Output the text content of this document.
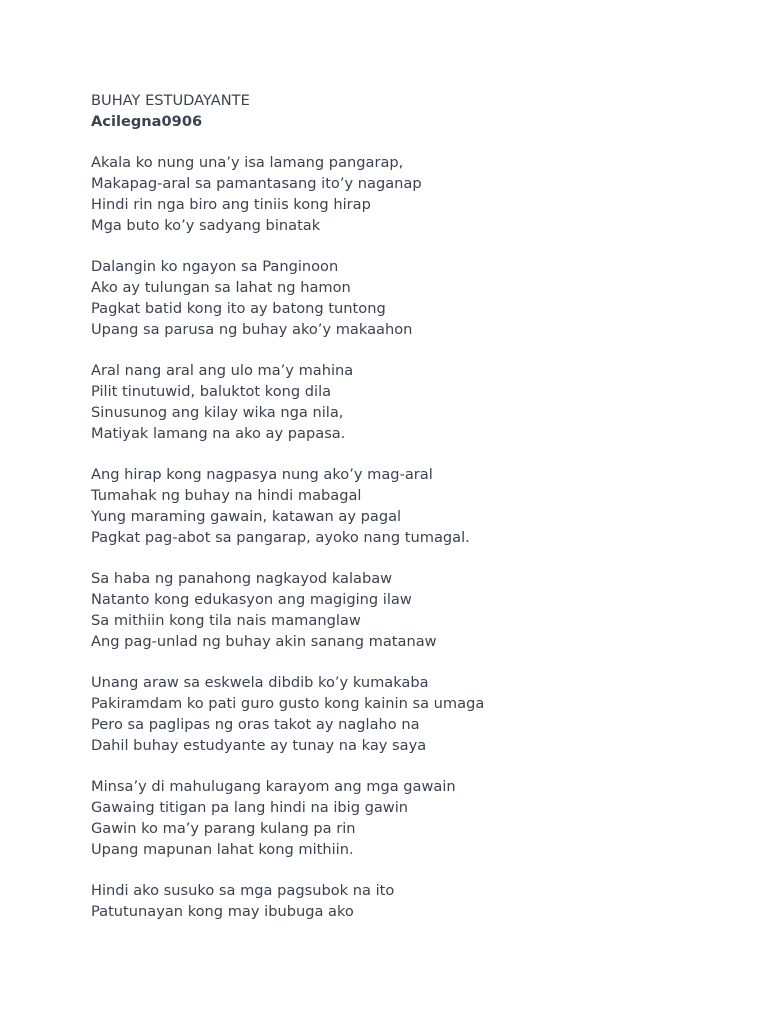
BUHAY ESTUDAYANTE
Acilegna0906
Akala ko nung una’y isa lamang pangarap,
Makapag-aral sa pamantasang ito’y naganap
Hindi rin nga biro ang tiniis kong hirap
Mga buto ko’y sadyang binatak
Dalangin ko ngayon sa Panginoon
Ako ay tulungan sa lahat ng hamon
Pagkat batid kong ito ay batong tuntong
Upang sa parusa ng buhay ako’y makaahon
Aral nang aral ang ulo ma’y mahina
Pilit tinutuwid, baluktot kong dila
Sinusunog ang kilay wika nga nila,
Matiyak lamang na ako ay papasa.
Ang hirap kong nagpasya nung ako’y mag-aral
Tumahak ng buhay na hindi mabagal
Yung maraming gawain, katawan ay pagal
Pagkat pag-abot sa pangarap, ayoko nang tumagal.
Sa haba ng panahong nagkayod kalabaw
Natanto kong edukasyon ang magiging ilaw
Sa mithiin kong tila nais mamanglaw
Ang pag-unlad ng buhay akin sanang matanaw
Unang araw sa eskwela dibdib ko’y kumakaba
Pakiramdam ko pati guro gusto kong kainin sa umaga
Pero sa paglipas ng oras takot ay naglaho na
Dahil buhay estudyante ay tunay na kay saya
Minsa’y di mahulugang karayom ang mga gawain
Gawaing titigan pa lang hindi na ibig gawin
Gawin ko ma’y parang kulang pa rin
Upang mapunan lahat kong mithiin.
Hindi ako susuko sa mga pagsubok na ito
Patutunayan kong may ibubuga ako
